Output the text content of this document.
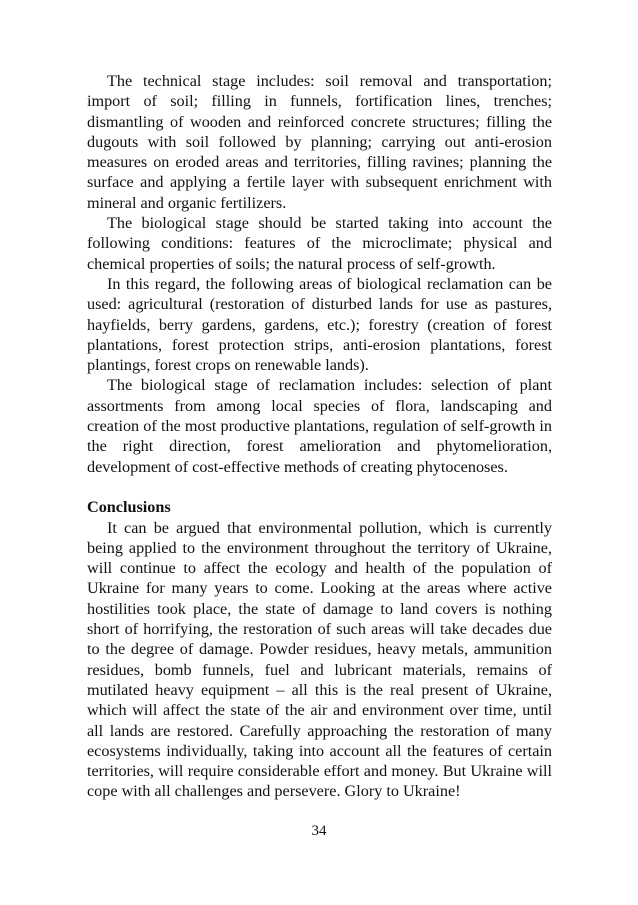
The technical stage includes: soil removal and transportation; import of soil; filling in funnels, fortification lines, trenches; dismantling of wooden and reinforced concrete structures; filling the dugouts with soil followed by planning; carrying out anti-erosion measures on eroded areas and territories, filling ravines; planning the surface and applying a fertile layer with subsequent enrichment with mineral and organic fertilizers.

The biological stage should be started taking into account the following conditions: features of the microclimate; physical and chemical properties of soils; the natural process of self-growth.

In this regard, the following areas of biological reclamation can be used: agricultural (restoration of disturbed lands for use as pastures, hayfields, berry gardens, gardens, etc.); forestry (creation of forest plantations, forest protection strips, anti-erosion plantations, forest plantings, forest crops on renewable lands).

The biological stage of reclamation includes: selection of plant assortments from among local species of flora, landscaping and creation of the most productive plantations, regulation of self-growth in the right direction, forest amelioration and phytomelioration, development of cost-effective methods of creating phytocenoses.

Conclusions

It can be argued that environmental pollution, which is currently being applied to the environment throughout the territory of Ukraine, will continue to affect the ecology and health of the population of Ukraine for many years to come. Looking at the areas where active hostilities took place, the state of damage to land covers is nothing short of horrifying, the restoration of such areas will take decades due to the degree of damage. Powder residues, heavy metals, ammunition residues, bomb funnels, fuel and lubricant materials, remains of mutilated heavy equipment – all this is the real present of Ukraine, which will affect the state of the air and environment over time, until all lands are restored. Carefully approaching the restoration of many ecosystems individually, taking into account all the features of certain territories, will require considerable effort and money. But Ukraine will cope with all challenges and persevere. Glory to Ukraine!

34
